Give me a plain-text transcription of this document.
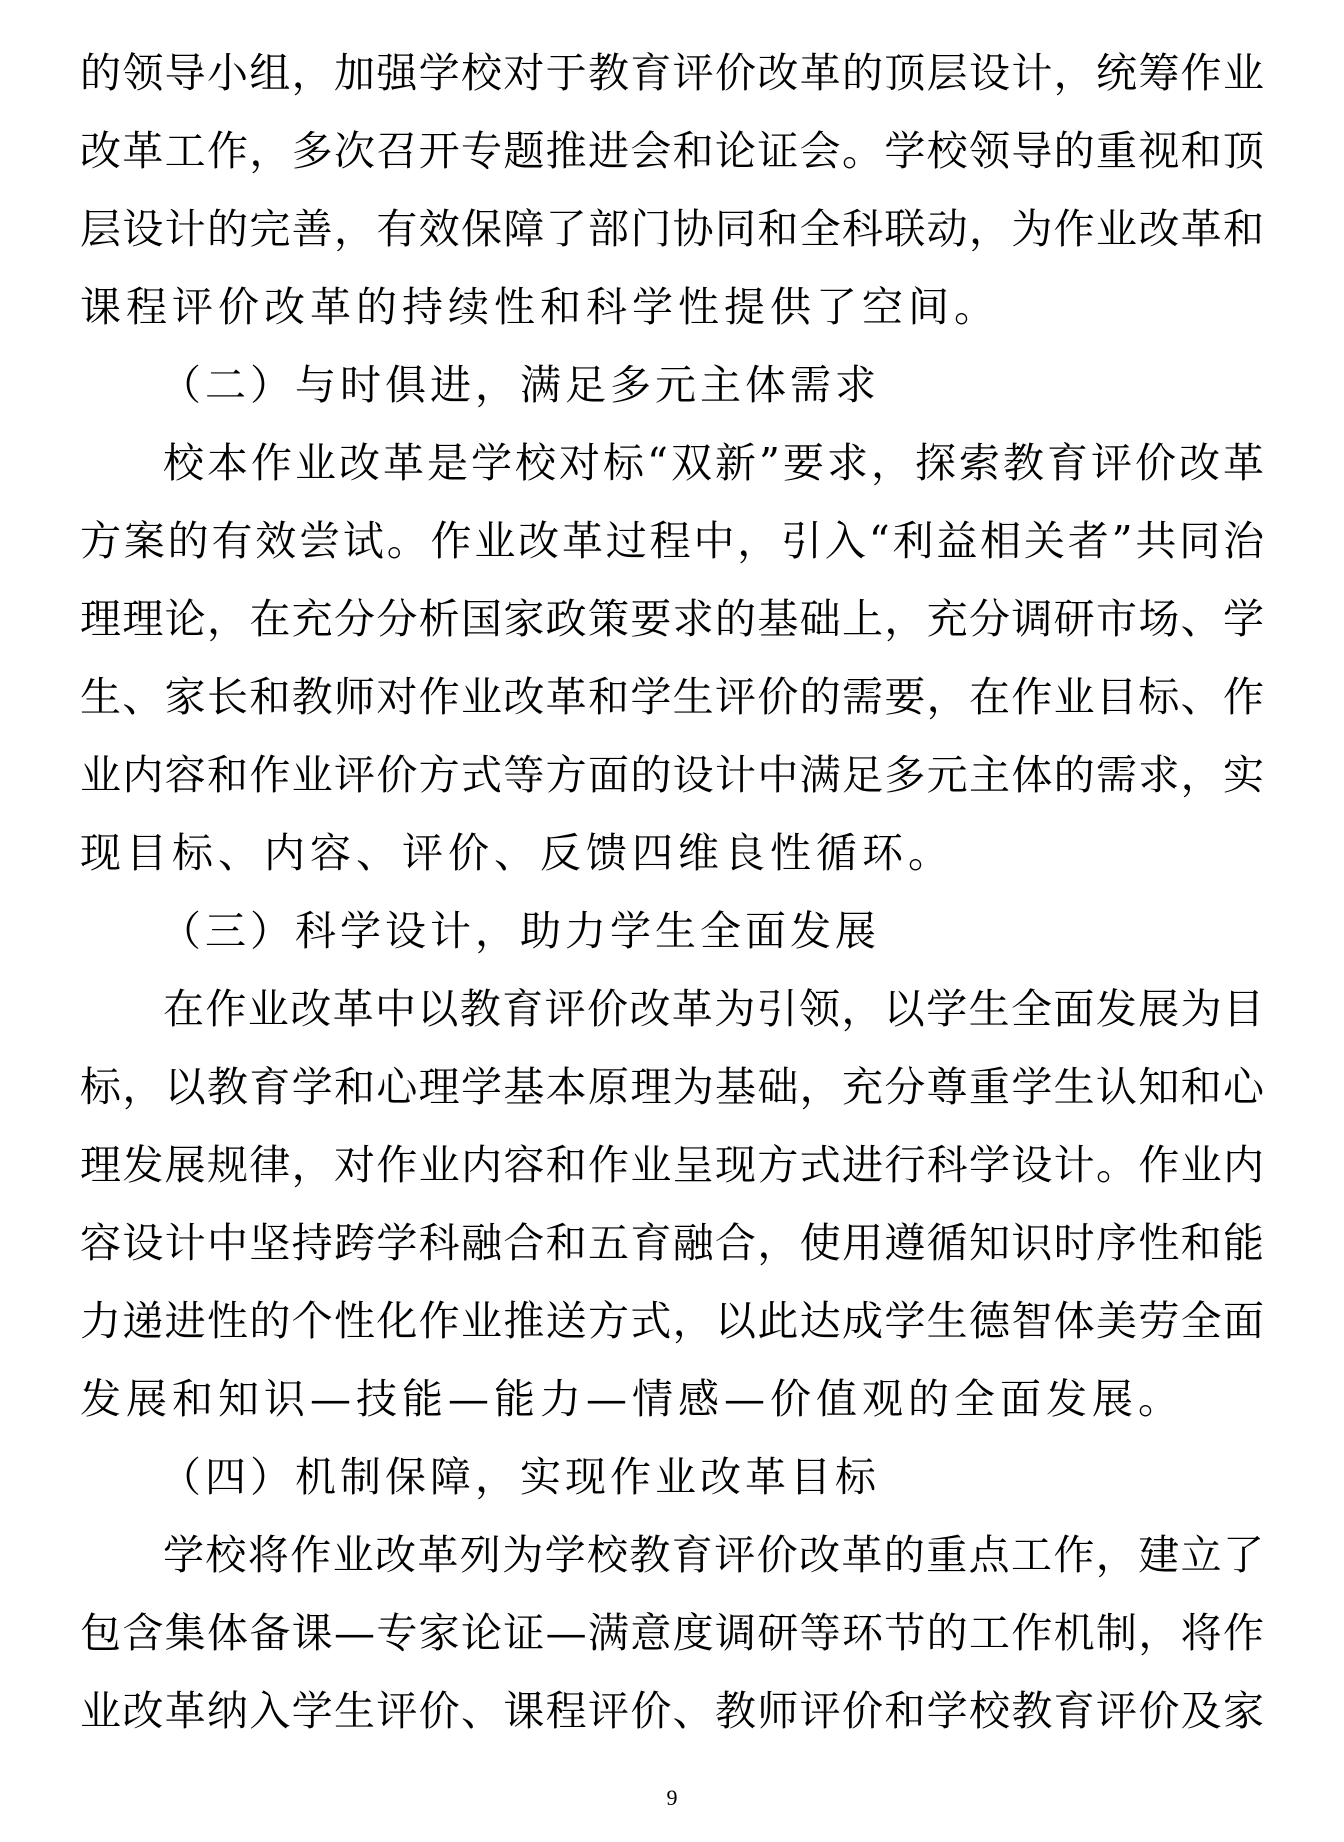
的领导小组，加强学校对于教育评价改革的顶层设计，统筹作业
改革工作，多次召开专题推进会和论证会。学校领导的重视和顶
层设计的完善，有效保障了部门协同和全科联动，为作业改革和
课程评价改革的持续性和科学性提供了空间。
（二）与时俱进，满足多元主体需求
校本作业改革是学校对标“双新”要求，探索教育评价改革
方案的有效尝试。作业改革过程中，引入“利益相关者”共同治
理理论，在充分分析国家政策要求的基础上，充分调研市场、学
生、家长和教师对作业改革和学生评价的需要，在作业目标、作
业内容和作业评价方式等方面的设计中满足多元主体的需求，实
现目标、内容、评价、反馈四维良性循环。
（三）科学设计，助力学生全面发展
在作业改革中以教育评价改革为引领，以学生全面发展为目
标，以教育学和心理学基本原理为基础，充分尊重学生认知和心
理发展规律，对作业内容和作业呈现方式进行科学设计。作业内
容设计中坚持跨学科融合和五育融合，使用遵循知识时序性和能
力递进性的个性化作业推送方式，以此达成学生德智体美劳全面
发展和知识—技能—能力—情感—价值观的全面发展。
（四）机制保障，实现作业改革目标
学校将作业改革列为学校教育评价改革的重点工作，建立了
包含集体备课—专家论证—满意度调研等环节的工作机制，将作
业改革纳入学生评价、课程评价、教师评价和学校教育评价及家
9
